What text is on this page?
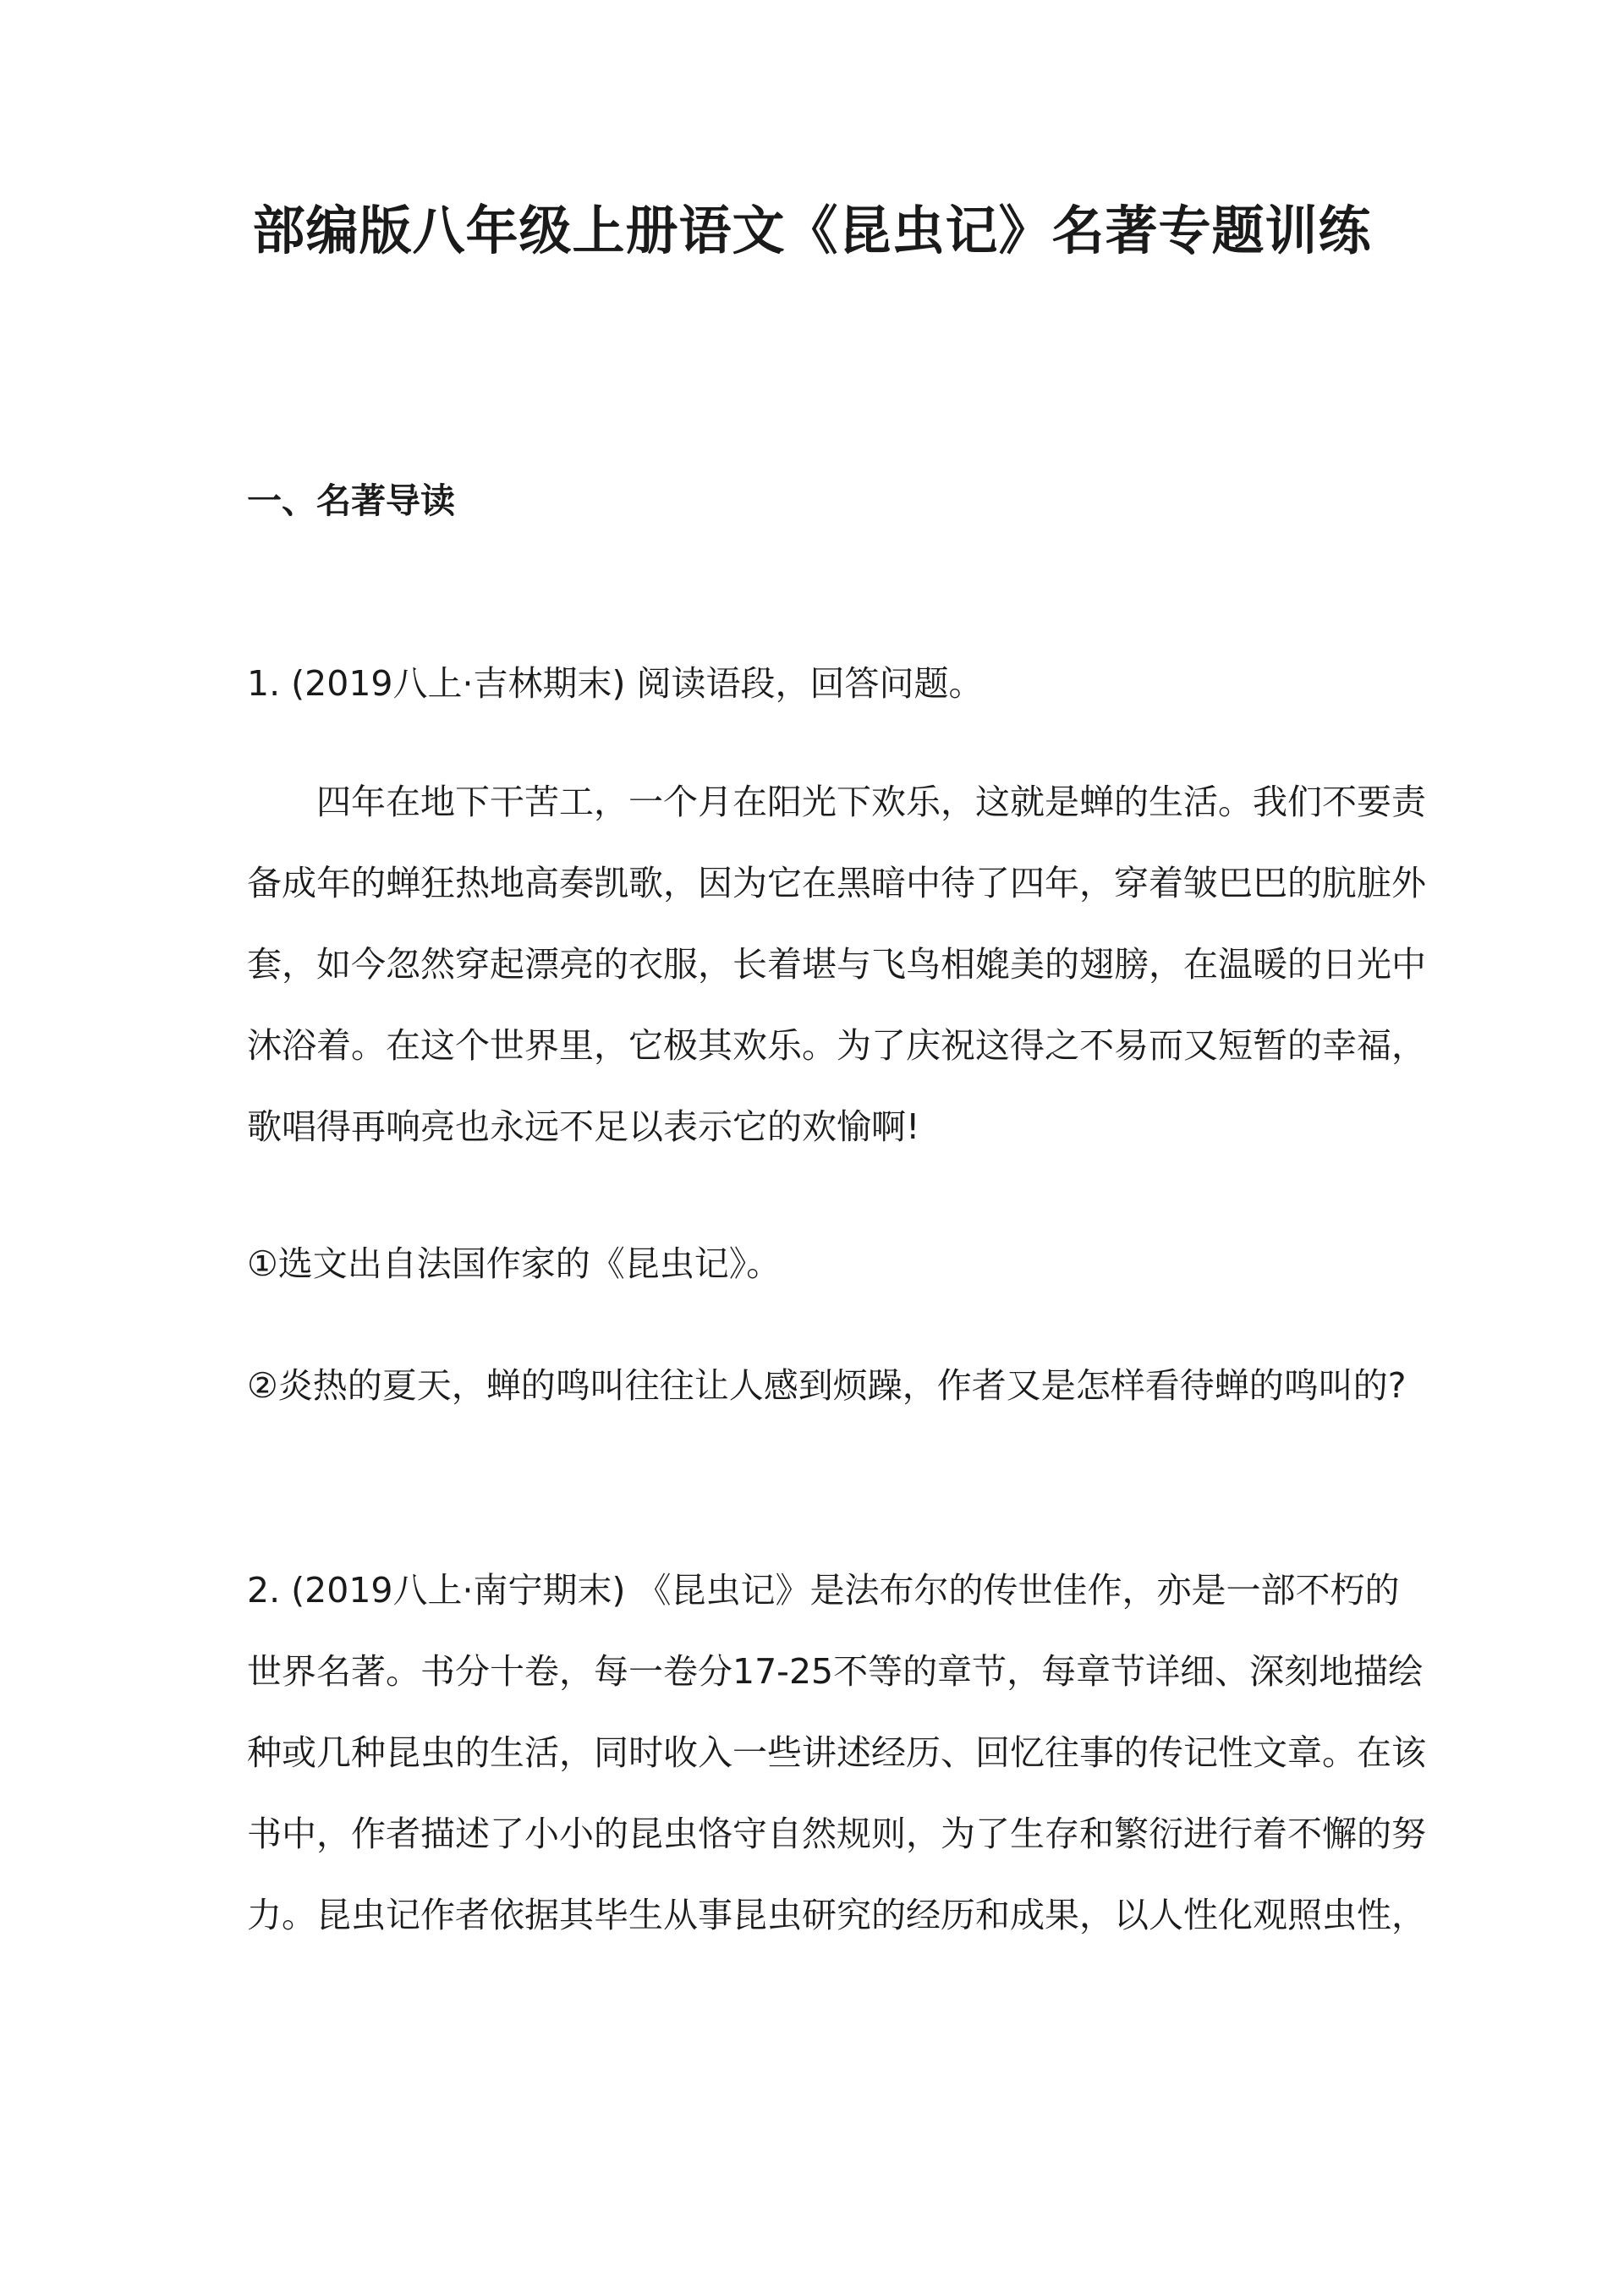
部编版八年级上册语文《昆虫记》名著专题训练
一、名著导读
1. (2019八上·吉林期末) 阅读语段，回答问题。
四年在地下干苦工，一个月在阳光下欢乐，这就是蝉的生活。我们不要责
备成年的蝉狂热地高奏凯歌，因为它在黑暗中待了四年，穿着皱巴巴的肮脏外
套，如今忽然穿起漂亮的衣服，长着堪与飞鸟相媲美的翅膀，在温暖的日光中
沐浴着。在这个世界里，它极其欢乐。为了庆祝这得之不易而又短暂的幸福，
歌唱得再响亮也永远不足以表示它的欢愉啊!
①选文出自法国作家的《昆虫记》。
②炎热的夏天，蝉的鸣叫往往让人感到烦躁，作者又是怎样看待蝉的鸣叫的?
2. (2019八上·南宁期末) 《昆虫记》是法布尔的传世佳作，亦是一部不朽的
世界名著。书分十卷，每一卷分17-25不等的章节，每章节详细、深刻地描绘
种或几种昆虫的生活，同时收入一些讲述经历、回忆往事的传记性文章。在该
书中，作者描述了小小的昆虫恪守自然规则，为了生存和繁衍进行着不懈的努
力。昆虫记作者依据其毕生从事昆虫研究的经历和成果，以人性化观照虫性，
